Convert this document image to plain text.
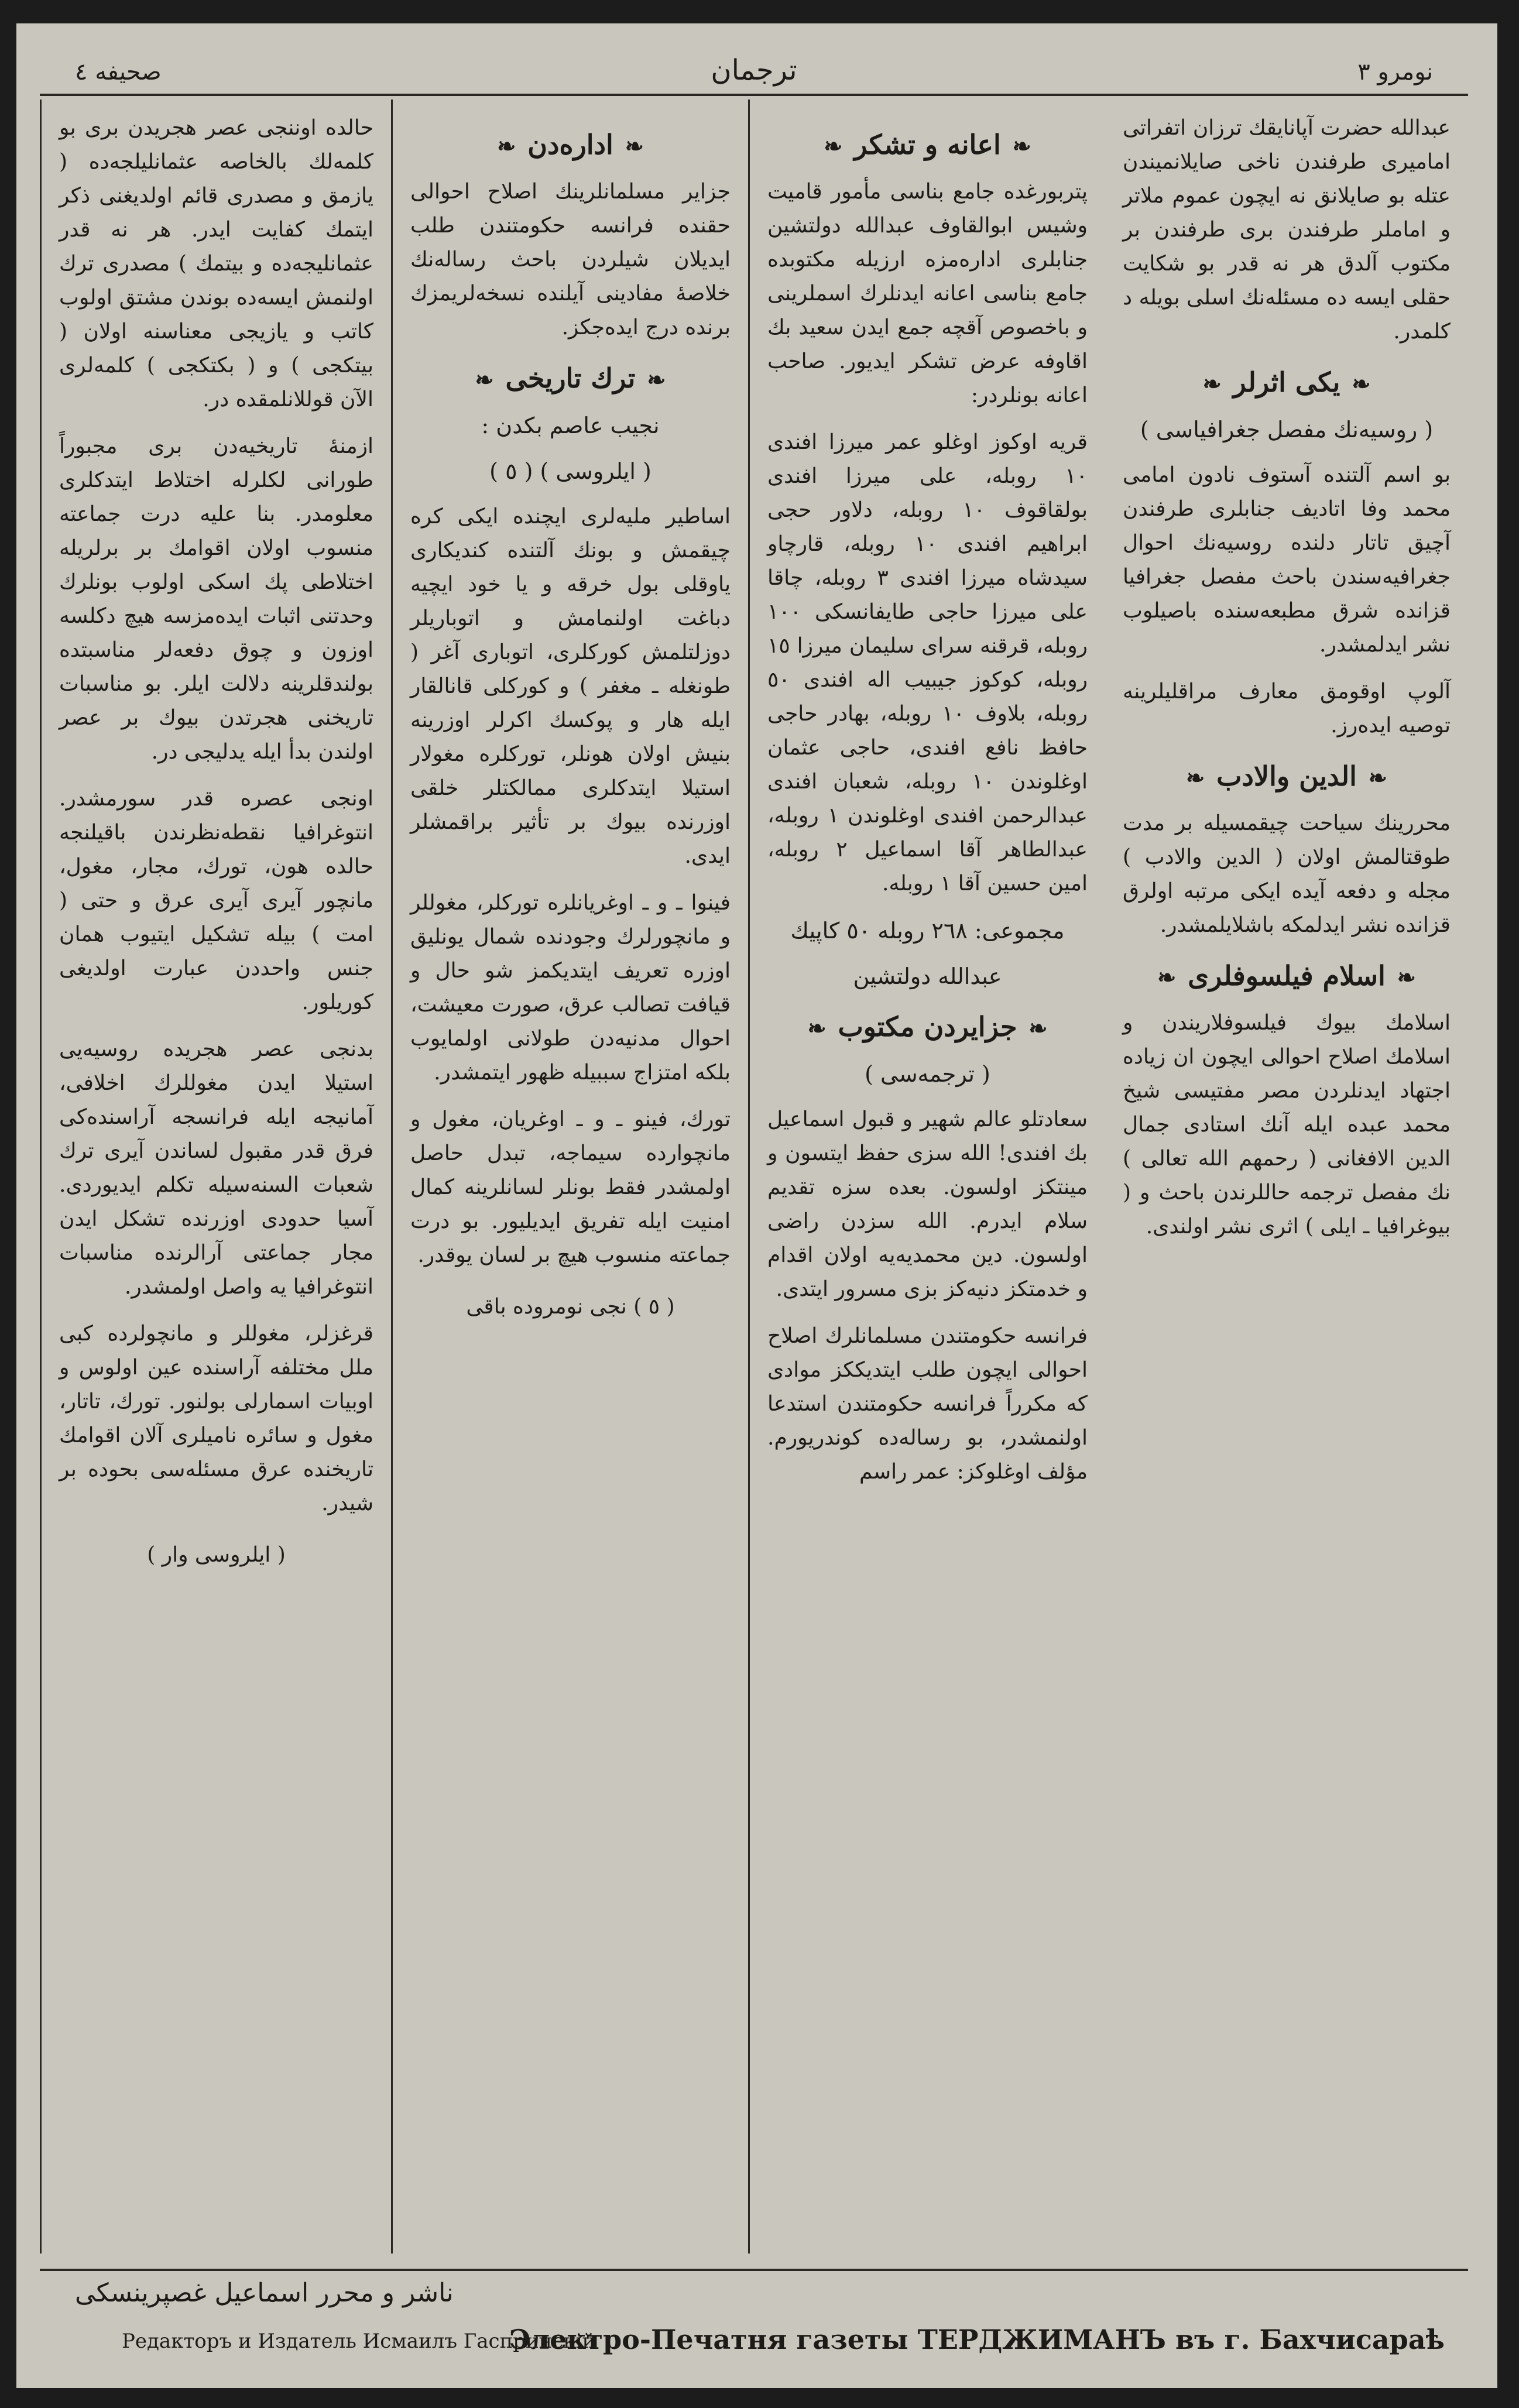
صحیفه ٤	ترجمان	نومرو ٣

عبدالله حضرت آپانایقك ترزان اتفراتی امامیری طرفندن ناخی صایلانمیندن عتله بو صایلانق نه ایچون عموم ملاتر و اماملر طرفندن بری طرفندن بر مکتوب آلدق هر نه قدر بو شکایت حقلی ایسه ده مسئله‌نك اسلی بویله د کلمدر.

❧ یکی اثرلر ❧
( روسیه‌نك مفصل جغرافیاسی )

بو اسم آلتنده آستوف نادون امامی محمد وفا اتادیف جنابلری طرفندن آچیق تاتار دلنده روسیه‌نك احوال جغرافیه‌سندن باحث مفصل جغرافیا قزانده شرق مطبعه‌سنده باصیلوب نشر ایدلمشدر.

آلوپ اوقومق معارف مراقلیلرینه توصیه ایده‌رز.

❧ الدین والادب ❧

محررینك سیاحت چیقمسیله بر مدت طوقتالمش اولان ( الدین والادب ) مجله و دفعه آیده ایکی مرتبه اولرق قزانده نشر ایدلمکه باشلایلمشدر.

❧ اسلام فیلسوفلری ❧

اسلامك بیوك فیلسوفلاریندن و اسلامك اصلاح احوالی ایچون ان زیاده اجتهاد ایدنلردن مصر مفتیسی شیخ محمد عبده ایله آنك استادی جمال الدین الافغانی ( رحمهم الله تعالی ) نك مفصل ترجمه حاللرندن باحث و ( بیوغرافیا ـ ایلی ) اثری نشر اولندی.

❧ اعانه و تشکر ❧

پتربورغده جامع بناسی مأمور قامیت وشیس ابوالقاوف عبدالله دولتشین جنابلری اداره‌مزه ارزیله مکتوبده جامع بناسی اعانه ایدنلرك اسملرینی و باخصوص آقچه جمع ایدن سعید بك اقاوفه عرض تشکر ایدیور. صاحب اعانه بونلردر:

قریه اوکوز اوغلو عمر میرزا افندی ١٠ روبله، علی میرزا افندی بولقاقوف ١٠ روبله، دلاور حجی ابراهیم افندی ١٠ روبله، قارچاو سیدشاه میرزا افندی ٣ روبله، چاقا علی میرزا حاجی طایفانسکی ١٠٠ روبله، قرقنه سرای سلیمان میرزا ١٥ روبله، کوکوز جیبیب اله افندی ٥٠ روبله، بلاوف ١٠ روبله، بهادر حاجی حافظ نافع افندی، حاجی عثمان اوغلوندن ١٠ روبله، شعبان افندی عبدالرحمن افندی اوغلوندن ١ روبله، عبدالطاهر آقا اسماعیل ٢ روبله، امین حسین آقا ١ روبله.

مجموعی: ٢٦٨ روبله ٥٠ کاپیك
عبدالله دولتشین
❧ جزایردن مکتوب ❧
( ترجمه‌سی )

سعادتلو عالم شهیر و قبول اسماعیل بك افندی! الله سزی حفظ ایتسون و مینتکز اولسون. بعده سزه تقدیم سلام ایدرم. الله سزدن راضی اولسون. دین محمدیه‌یه اولان اقدام و خدمتکز دنیه‌کز بزی مسرور ایتدی.

فرانسه حکومتندن مسلمانلرك اصلاح احوالی ایچون طلب ایتدیککز موادی که مکرراً فرانسه حکومتندن استدعا اولنمشدر، بو رساله‌ده کوندریورم. مؤلف اوغلوکز: عمر راسم

❧ اداره‌دن ❧

جزایر مسلمانلرینك اصلاح احوالی حقنده فرانسه حکومتندن طلب ایدیلان شیلردن باحث رساله‌نك خلاصهٔ مفادینی آیلنده نسخه‌لریمزك برنده درج ایده‌جکز.

❧ ترك تاریخی ❧
نجیب عاصم بکدن :
( ایلروسی ) ( ٥ )

اساطیر ملیه‌لری ایچنده ایکی کره چیقمش و بونك آلتنده کندیکاری یاوقلی بول خرقه و یا خود ایچیه دباغت اولنمامش و اتوباریلر دوزلتلمش کورکلری، اتوباری آغر ( طونغله ـ مغفر ) و کورکلی قانالقار ایله هار و پوکسك اکرلر اوزرینه بنیش اولان هونلر، تورکلره مغولار استیلا ایتدکلری ممالکتلر خلقی اوزرنده بیوك بر تأثیر براقمشلر ایدی.

فینوا ـ و ـ اوغریانلره تورکلر، مغوللر و مانچورلرك وجودنده شمال یونلیق اوزره تعریف ایتدیکمز شو حال و قیافت تصالب عرق، صورت معیشت، احوال مدنیه‌دن طولانی اولمایوب بلکه امتزاج سببیله ظهور ایتمشدر.

تورك، فینو ـ و ـ اوغریان، مغول و مانچوارده سیماجه، تبدل حاصل اولمشدر فقط بونلر لسانلرینه کمال امنیت ایله تفریق ایدیلیور. بو درت جماعته منسوب هیچ بر لسان یوقدر.

( ٥ ) نجی نومروده باقی

حالده اوننجی عصر هجریدن بری بو کلمه‌لك بالخاصه عثمانلیلجه‌ده ( یازمق و مصدری قائم اولدیغنی ذکر ایتمك کفایت ایدر. هر نه قدر عثمانلیجه‌ده و بیتمك ) مصدری ترك اولنمش ایسه‌ده بوندن مشتق اولوب کاتب و یازیجی معناسنه اولان ( بیتکجی ) و ( بکتکجی ) کلمه‌لری الآن قوللانلمقده در.

ازمنهٔ تاریخیه‌دن بری مجبوراً طورانی لکلرله اختلاط ایتدکلری معلومدر. بنا علیه درت جماعته منسوب اولان اقوامك بر برلریله اختلاطی پك اسکی اولوب بونلرك وحدتنی اثبات ایده‌مزسه هیچ دکلسه اوزون و چوق دفعه‌لر مناسبتده بولندقلرینه دلالت ایلر. بو مناسبات تاریخنی هجرتدن بیوك بر عصر اولندن بدأ ایله یدلیجی در.

اونجی عصره قدر سورمشدر. انتوغرافیا نقطه‌نظرندن باقیلنجه حالده هون، تورك، مجار، مغول، مانچور آیری آیری عرق و حتی ( امت ) بیله تشکیل ایتیوب همان جنس واحددن عبارت اولدیغی کوریلور.

بدنجی عصر هجریده روسیه‌یی استیلا ایدن مغوللرك اخلافی، آمانیجه ایله فرانسجه آراسنده‌کی فرق قدر مقبول لساندن آیری ترك شعبات السنه‌سیله تکلم ایدیوردی. آسیا حدودی اوزرنده تشکل ایدن مجار جماعتی آرالرنده مناسبات انتوغرافیا یه واصل اولمشدر.

قرغزلر، مغوللر و مانچولرده کبی ملل مختلفه آراسنده عین اولوس و اوبیات اسمارلی بولنور. تورك، تاتار، مغول و سائره نامیلری آلان اقوامك تاریخنده عرق مسئله‌سی بحوده بر شیدر.

( ایلروسی وار )
ناشر و محرر اسماعیل غصپرینسکی
Редакторъ и Издатель Исмаилъ Гаспринскiй
Электро-Печатня газеты ТЕРДЖИМАНЪ въ г. Бахчисараѣ
